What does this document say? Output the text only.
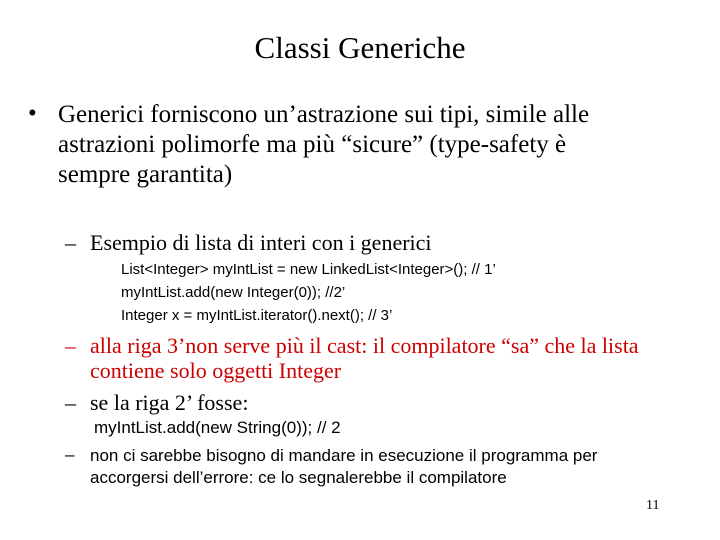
Classi Generiche
• Generici forniscono un’astrazione sui tipi, simile alle
astrazioni polimorfe ma più “sicure” (type-safety è
sempre garantita)
– Esempio di lista di interi con i generici
List<Integer> myIntList = new LinkedList<Integer>(); // 1’
myIntList.add(new Integer(0)); //2’
Integer x = myIntList.iterator().next(); // 3’
– alla riga 3’non serve più il cast: il compilatore “sa” che la lista
contiene solo oggetti Integer
– se la riga 2’ fosse:
myIntList.add(new String(0)); // 2
– non ci sarebbe bisogno di mandare in esecuzione il programma per
accorgersi dell’errore: ce lo segnalerebbe il compilatore
11
